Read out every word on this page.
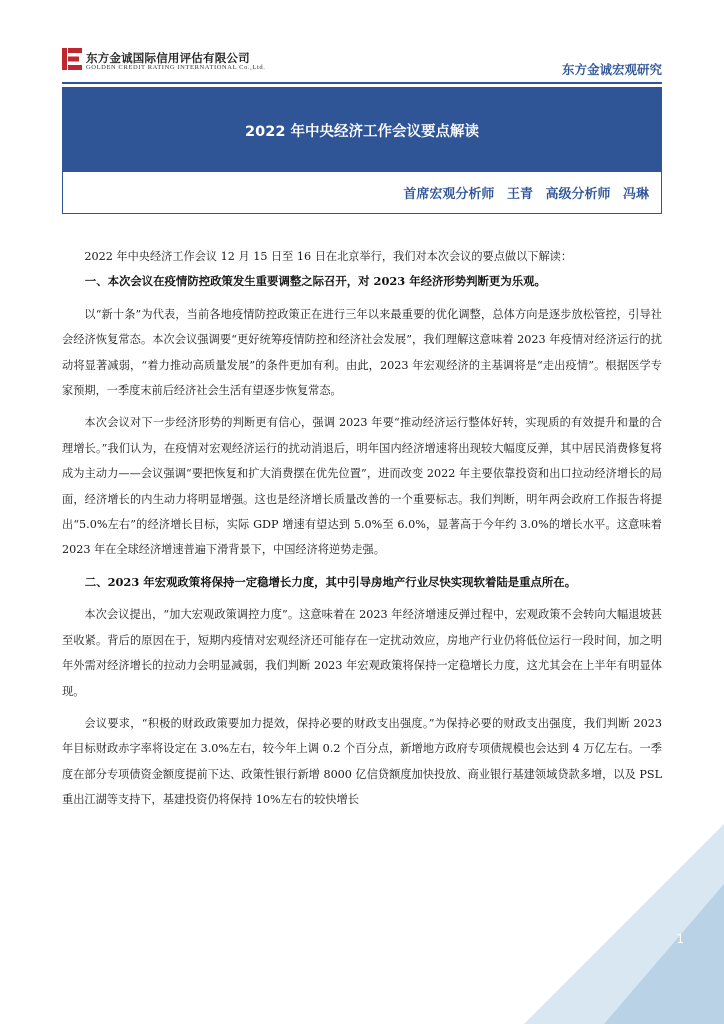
东方金诚国际信用评估有限公司
GOLDEN CREDIT RATING INTERNATIONAL Co.,Ltd.	东方金诚宏观研究
2022 年中央经济工作会议要点解读
首席宏观分析师 王青 高级分析师 冯琳

2022 年中央经济工作会议 12 月 15 日至 16 日在北京举行，我们对本次会议的要点做以下解读：

一、本次会议在疫情防控政策发生重要调整之际召开，对 2023 年经济形势判断更为乐观。

以“新十条”为代表，当前各地疫情防控政策正在进行三年以来最重要的优化调整，总体方向是逐步放松管控，引导社会经济恢复常态。本次会议强调要“更好统筹疫情防控和经济社会发展”，我们理解这意味着 2023 年疫情对经济运行的扰动将显著减弱，“着力推动高质量发展”的条件更加有利。由此，2023 年宏观经济的主基调将是“走出疫情”。根据医学专家预期，一季度末前后经济社会生活有望逐步恢复常态。

本次会议对下一步经济形势的判断更有信心，强调 2023 年要“推动经济运行整体好转，实现质的有效提升和量的合理增长。”我们认为，在疫情对宏观经济运行的扰动消退后，明年国内经济增速将出现较大幅度反弹，其中居民消费修复将成为主动力——会议强调“要把恢复和扩大消费摆在优先位置”，进而改变 2022 年主要依靠投资和出口拉动经济增长的局面，经济增长的内生动力将明显增强。这也是经济增长质量改善的一个重要标志。我们判断，明年两会政府工作报告将提出“5.0%左右”的经济增长目标，实际 GDP 增速有望达到 5.0%至 6.0%，显著高于今年约 3.0%的增长水平。这意味着 2023 年在全球经济增速普遍下滑背景下，中国经济将逆势走强。

二、2023 年宏观政策将保持一定稳增长力度，其中引导房地产行业尽快实现软着陆是重点所在。

本次会议提出，“加大宏观政策调控力度”。这意味着在 2023 年经济增速反弹过程中，宏观政策不会转向大幅退坡甚至收紧。背后的原因在于，短期内疫情对宏观经济还可能存在一定扰动效应，房地产行业仍将低位运行一段时间，加之明年外需对经济增长的拉动力会明显减弱，我们判断 2023 年宏观政策将保持一定稳增长力度，这尤其会在上半年有明显体现。

会议要求，“积极的财政政策要加力提效，保持必要的财政支出强度。”为保持必要的财政支出强度，我们判断 2023 年目标财政赤字率将设定在 3.0%左右，较今年上调 0.2 个百分点，新增地方政府专项债规模也会达到 4 万亿左右。一季度在部分专项债资金额度提前下达、政策性银行新增 8000 亿信贷额度加快投放、商业银行基建领域贷款多增，以及 PSL 重出江湖等支持下，基建投资仍将保持 10%左右的较快增长

1
